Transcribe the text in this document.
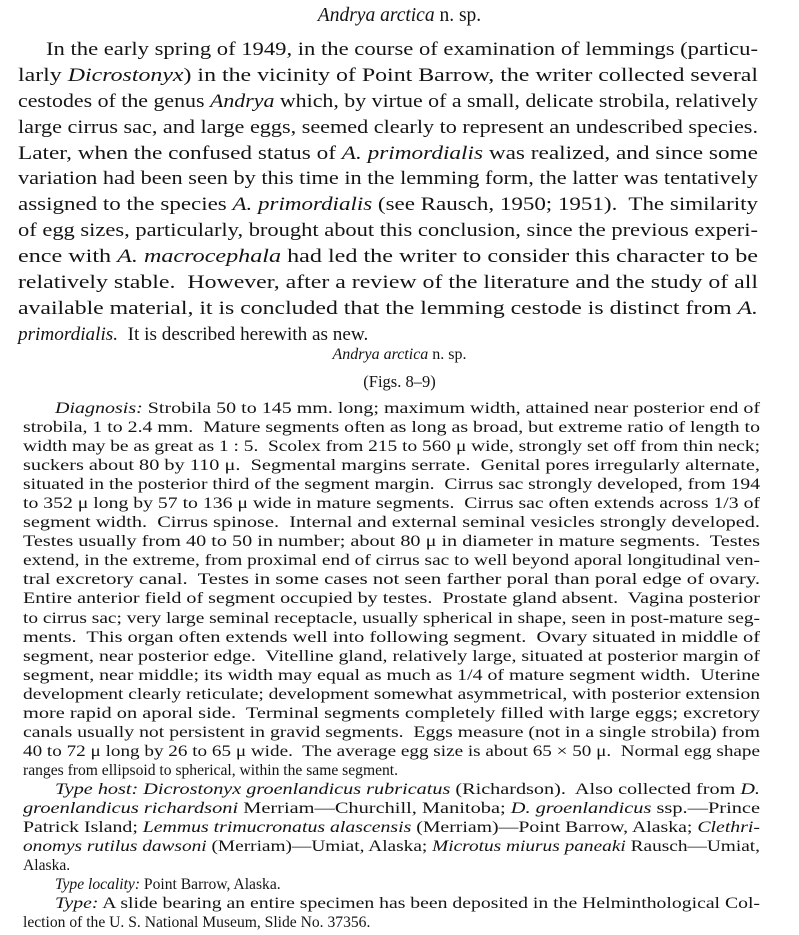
Andrya arctica n. sp.
In the early spring of 1949, in the course of examination of lemmings (particu-
larly Dicrostonyx) in the vicinity of Point Barrow, the writer collected several
cestodes of the genus Andrya which, by virtue of a small, delicate strobila, relatively
large cirrus sac, and large eggs, seemed clearly to represent an undescribed species.
Later, when the confused status of A. primordialis was realized, and since some
variation had been seen by this time in the lemming form, the latter was tentatively
assigned to the species A. primordialis (see Rausch, 1950; 1951).  The similarity
of egg sizes, particularly, brought about this conclusion, since the previous experi-
ence with A. macrocephala had led the writer to consider this character to be
relatively stable.  However, after a review of the literature and the study of all
available material, it is concluded that the lemming cestode is distinct from A.
primordialis.  It is described herewith as new.
Andrya arctica n. sp.
(Figs. 8–9)
Diagnosis: Strobila 50 to 145 mm. long; maximum width, attained near posterior end of
strobila, 1 to 2.4 mm.  Mature segments often as long as broad, but extreme ratio of length to
width may be as great as 1 : 5.  Scolex from 215 to 560 μ wide, strongly set off from thin neck;
suckers about 80 by 110 μ.  Segmental margins serrate.  Genital pores irregularly alternate,
situated in the posterior third of the segment margin.  Cirrus sac strongly developed, from 194
to 352 μ long by 57 to 136 μ wide in mature segments.  Cirrus sac often extends across 1/3 of
segment width.  Cirrus spinose.  Internal and external seminal vesicles strongly developed.
Testes usually from 40 to 50 in number; about 80 μ in diameter in mature segments.  Testes
extend, in the extreme, from proximal end of cirrus sac to well beyond aporal longitudinal ven-
tral excretory canal.  Testes in some cases not seen farther poral than poral edge of ovary.
Entire anterior field of segment occupied by testes.  Prostate gland absent.  Vagina posterior
to cirrus sac; very large seminal receptacle, usually spherical in shape, seen in post-mature seg-
ments.  This organ often extends well into following segment.  Ovary situated in middle of
segment, near posterior edge.  Vitelline gland, relatively large, situated at posterior margin of
segment, near middle; its width may equal as much as 1/4 of mature segment width.  Uterine
development clearly reticulate; development somewhat asymmetrical, with posterior extension
more rapid on aporal side.  Terminal segments completely filled with large eggs; excretory
canals usually not persistent in gravid segments.  Eggs measure (not in a single strobila) from
40 to 72 μ long by 26 to 65 μ wide.  The average egg size is about 65 × 50 μ.  Normal egg shape
ranges from ellipsoid to spherical, within the same segment.
Type host: Dicrostonyx groenlandicus rubricatus (Richardson).  Also collected from D.
groenlandicus richardsoni Merriam—Churchill, Manitoba; D. groenlandicus ssp.—Prince
Patrick Island; Lemmus trimucronatus alascensis (Merriam)—Point Barrow, Alaska; Clethri-
onomys rutilus dawsoni (Merriam)—Umiat, Alaska; Microtus miurus paneaki Rausch—Umiat,
Alaska.
Type locality: Point Barrow, Alaska.
Type: A slide bearing an entire specimen has been deposited in the Helminthological Col-
lection of the U. S. National Museum, Slide No. 37356.
